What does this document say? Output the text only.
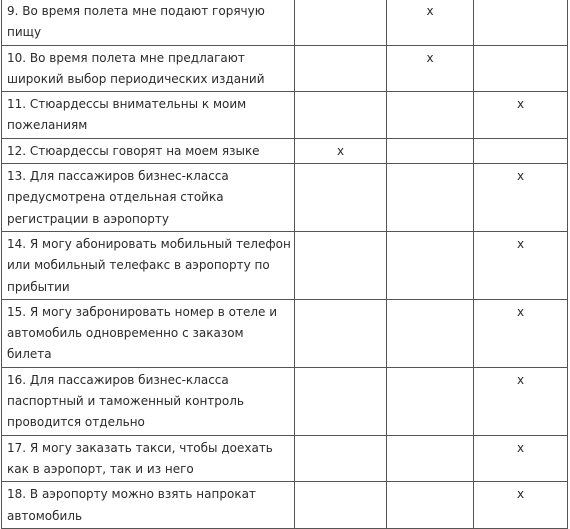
9. Во время полета мне подают горячую пищу		x	
10. Во время полета мне предлагают широкий выбор периодических изданий		x	
11. Стюардессы внимательны к моим пожеланиям			x
12. Стюардессы говорят на моем языке	x		
13. Для пассажиров бизнес-класса предусмотрена отдельная стойка регистрации в аэропорту			x
14. Я могу абонировать мобильный телефон или мобильный телефакс в аэропорту по прибытии			x
15. Я могу забронировать номер в отеле и автомобиль одновременно с заказом билета			x
16. Для пассажиров бизнес-класса паспортный и таможенный контроль проводится отдельно			x
17. Я могу заказать такси, чтобы доехать как в аэропорт, так и из него			x
18. В аэропорту можно взять напрокат автомобиль			x
